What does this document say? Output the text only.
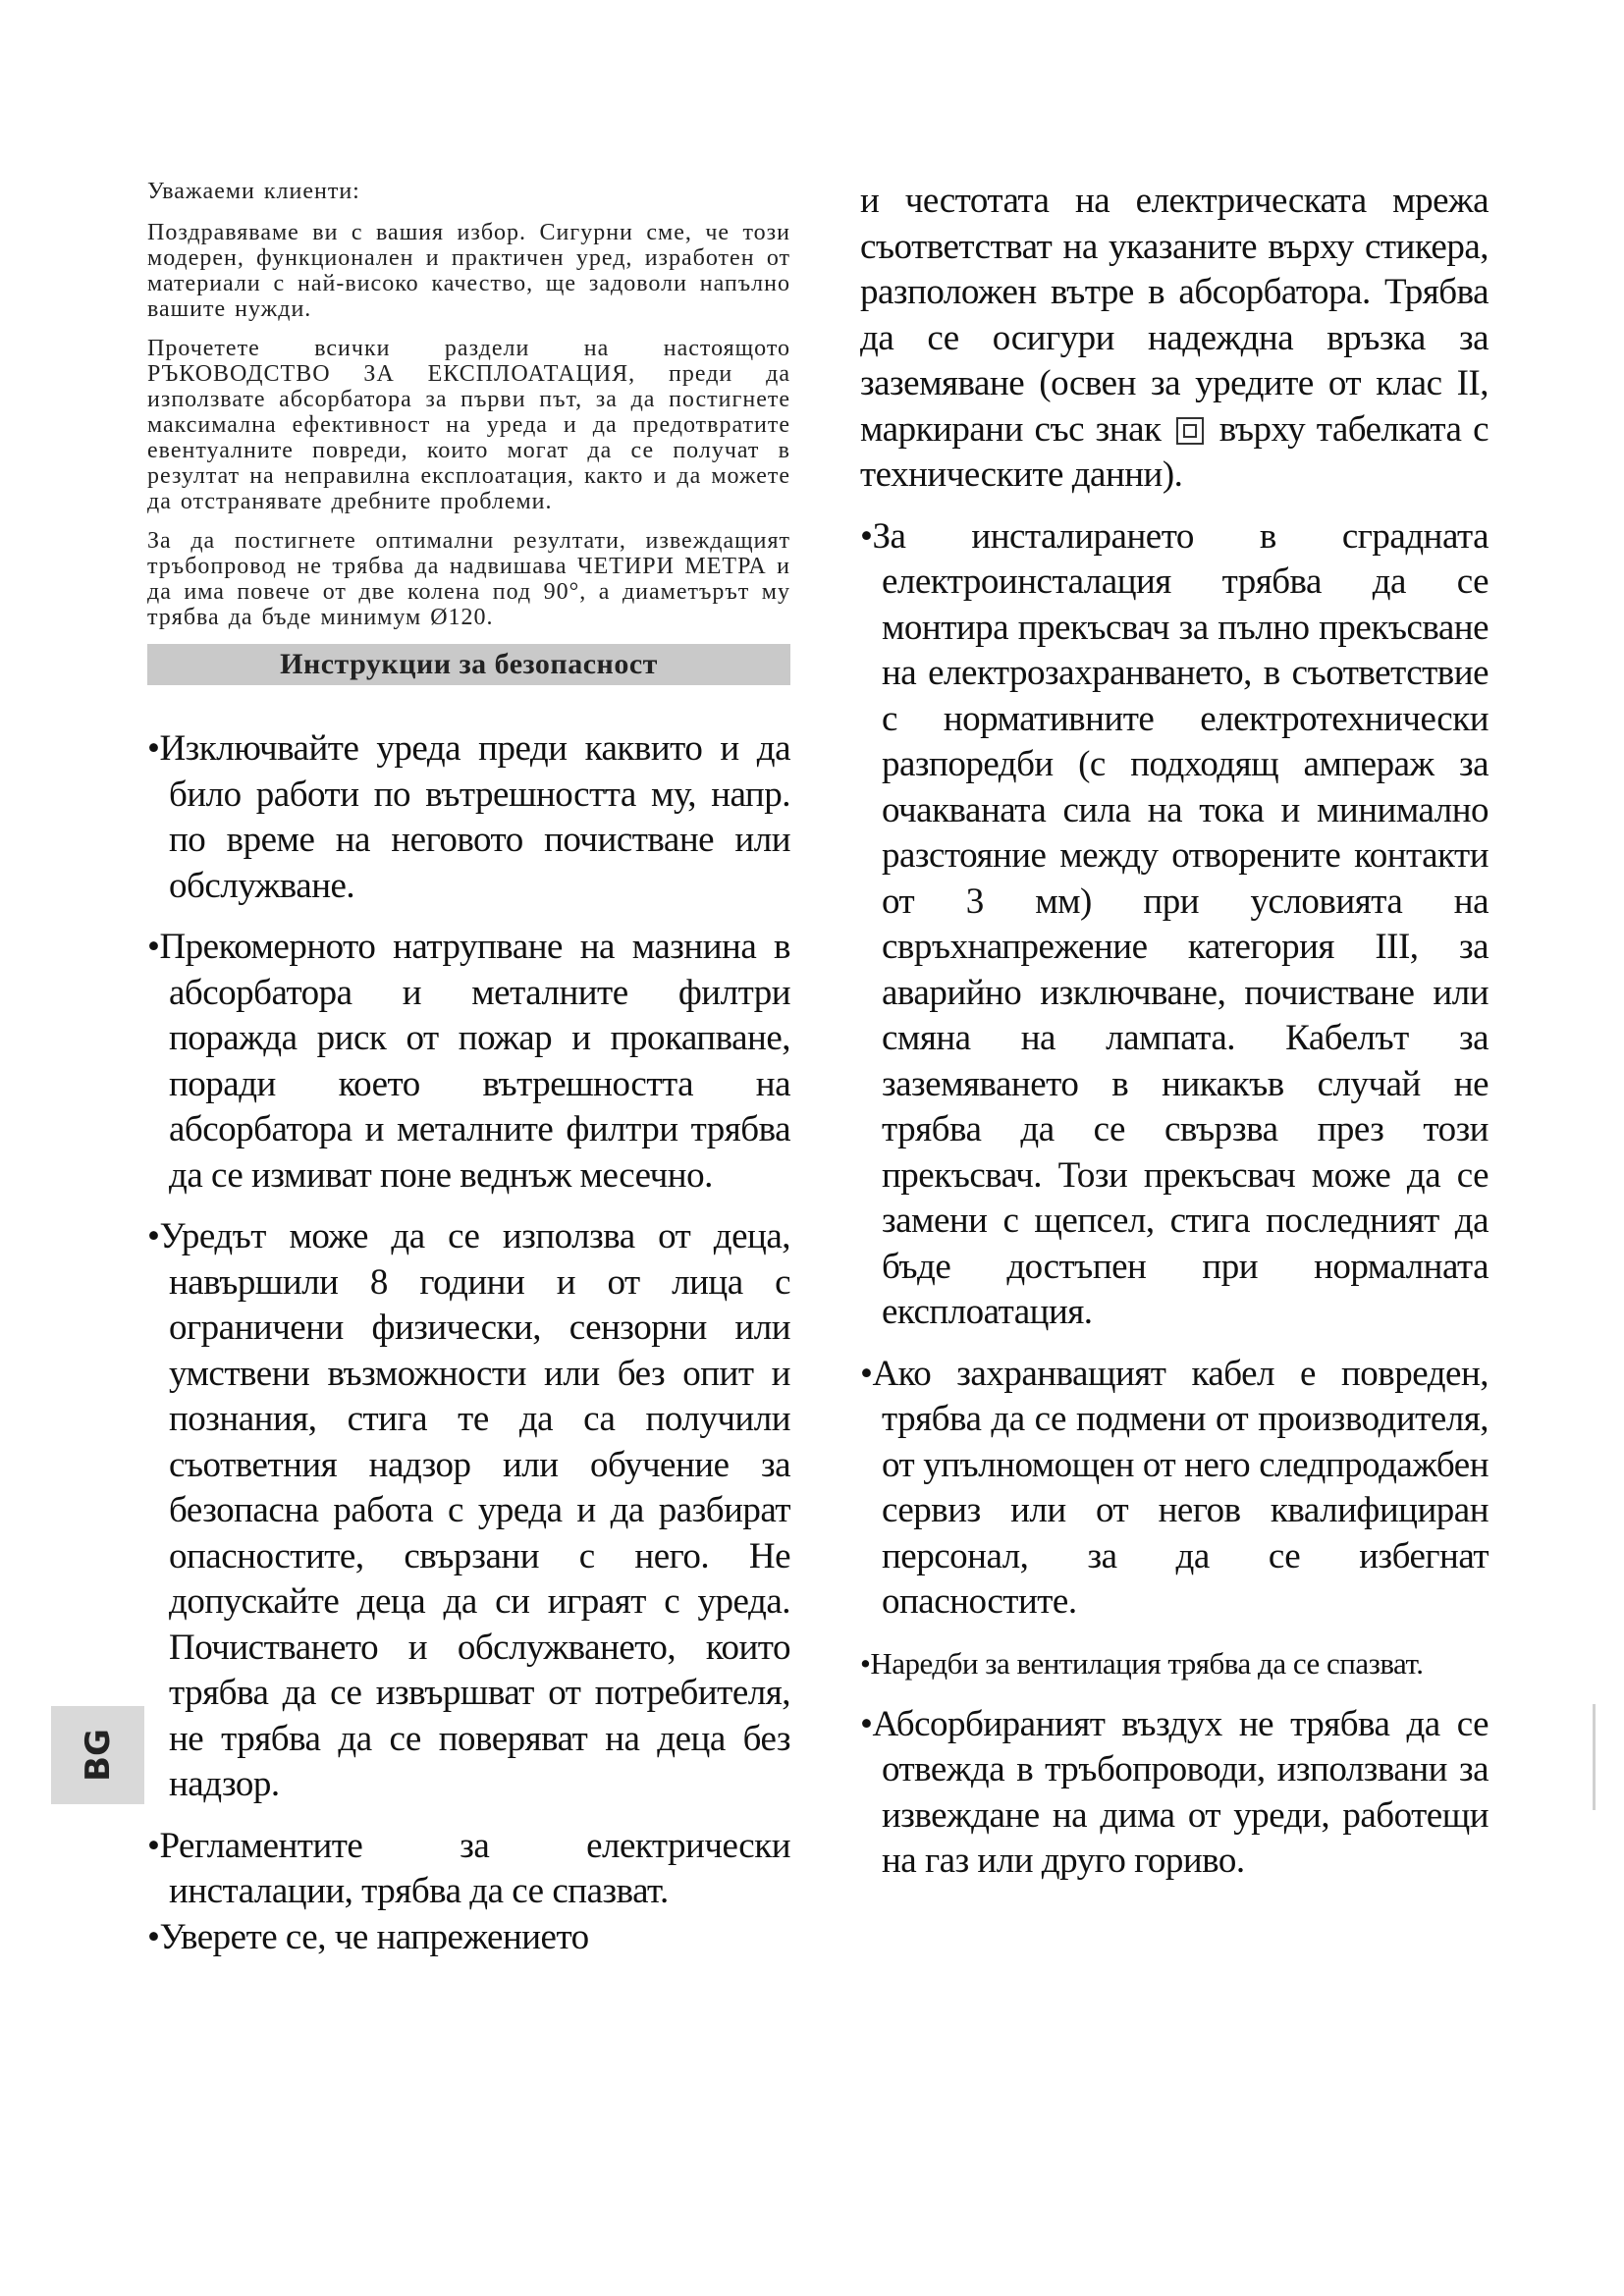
Уважаеми клиенти:

Поздравяваме ви с вашия избор. Сигурни сме, че този модерен, функционален и практичен уред, изработен от материали с най-високо качество, ще задоволи напълно вашите нужди.

Прочетете всички раздели на настоящото РЪКОВОДСТВО ЗА ЕКСПЛОАТАЦИЯ, преди да използвате абсорбатора за първи път, за да постигнете максимална ефективност на уреда и да предотвратите евентуалните повреди, които могат да се получат в резултат на неправилна експлоатация, както и да можете да отстранявате дребните проблеми.

За да постигнете оптимални резултати, извеждащият тръбопровод не трябва да надвишава ЧЕТИРИ МЕТРА и да има повече от две колена под 90°, а диаметърът му трябва да бъде минимум Ø120.

Инструкции за безопасност

•Изключвайте уреда преди каквито и да било работи по вътрешността му, напр. по време на неговото почистване или обслужване.

•Прекомерното натрупване на мазнина в абсорбатора и металните филтри поражда риск от пожар и прокапване, поради което вътрешността на абсорбатора и металните филтри трябва да се измиват поне веднъж месечно.

•Уредът може да се използва от деца, навършили 8 години и от лица с ограничени физически, сензорни или умствени възможности или без опит и познания, стига те да са получили съответния надзор или обучение за безопасна работа с уреда и да разбират опасностите, свързани с него. Не допускайте деца да си играят с уреда. Почистването и обслужването, които трябва да се извършват от потребителя, не трябва да се поверяват на деца без надзор.

•Регламентите за електрически инсталации, трябва да се спазват.

•Уверете се, че напрежението

и честотата на електрическата мрежа съответстват на указаните върху стикера, разположен вътре в абсорбатора. Трябва да се осигури надеждна връзка за заземяване (освен за уредите от клас II, маркирани със знак върху табелката с техническите данни).

•За инсталирането в сградната електроинсталация трябва да се монтира прекъсвач за пълно прекъсване на електрозахранването, в съответствие с нормативните електротехнически разпоредби (с подходящ ампераж за очакваната сила на тока и минимално разстояние между отворените контакти от 3 мм) при условията на свръхнапрежение категория III, за аварийно изключване, почистване или смяна на лампата. Кабелът за заземяването в никакъв случай не трябва да се свързва през този прекъсвач. Този прекъсвач може да се замени с щепсел, стига последният да бъде достъпен при нормалната експлоатация.

•Ако захранващият кабел е повреден, трябва да се подмени от производителя, от упълномощен от него следпродажбен сервиз или от негов квалифициран персонал, за да се избегнат опасностите.

•Наредби за вентилация трябва да се спазват.

•Абсорбираният въздух не трябва да се отвежда в тръбопроводи, използвани за извеждане на дима от уреди, работещи на газ или друго гориво.

BG
